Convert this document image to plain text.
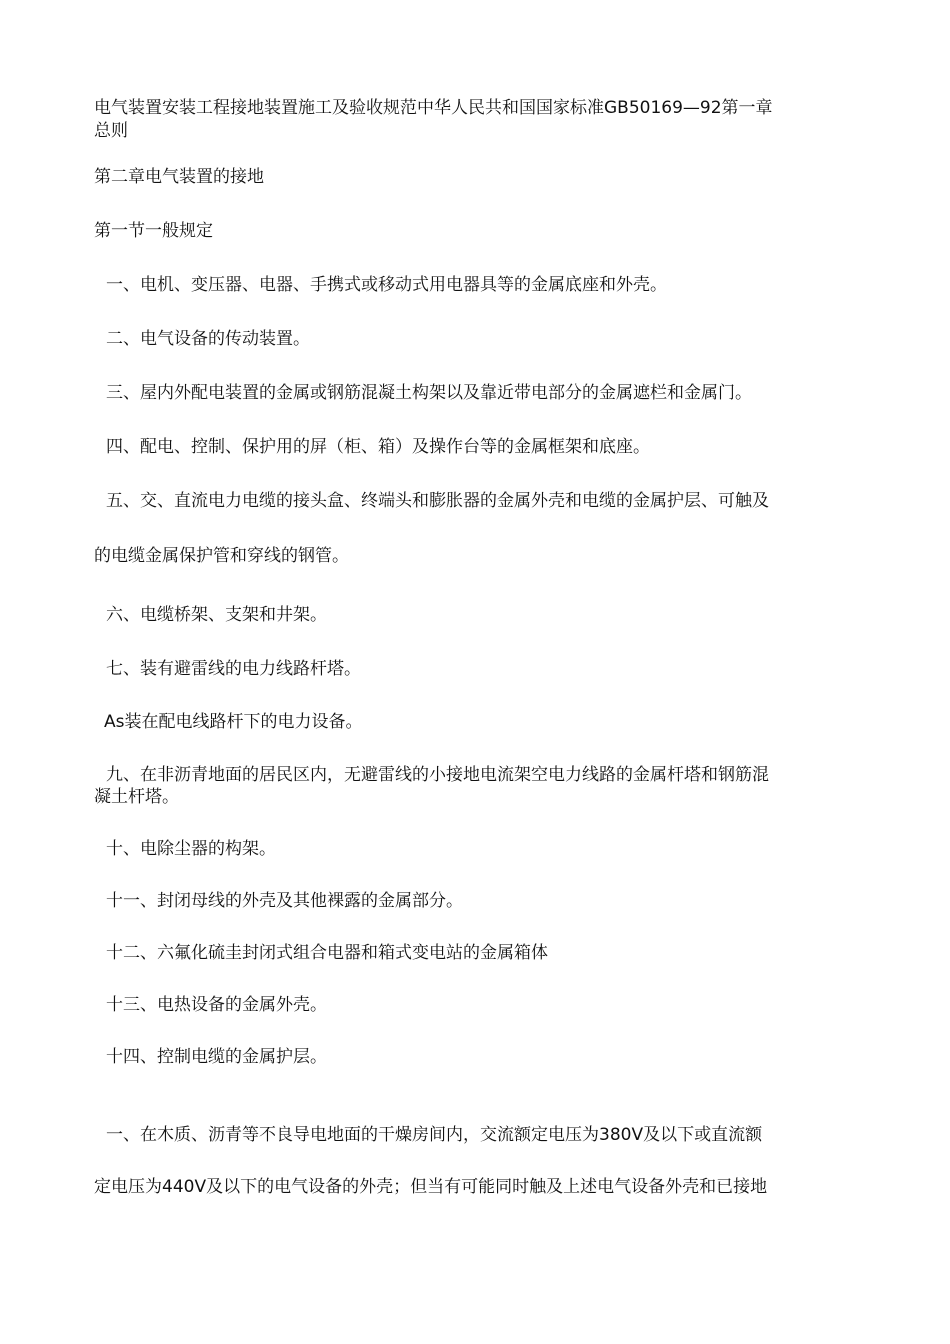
电气装置安装工程接地装置施工及验收规范中华人民共和国国家标准GB50169—92第一章
总则
第二章电气装置的接地
第一节一般规定
一、电机、变压器、电器、手携式或移动式用电器具等的金属底座和外壳。
二、电气设备的传动装置。
三、屋内外配电装置的金属或钢筋混凝土构架以及靠近带电部分的金属遮栏和金属门。
四、配电、控制、保护用的屏（柜、箱）及操作台等的金属框架和底座。
五、交、直流电力电缆的接头盒、终端头和膨胀器的金属外壳和电缆的金属护层、可触及
的电缆金属保护管和穿线的钢管。
六、电缆桥架、支架和井架。
七、装有避雷线的电力线路杆塔。
As装在配电线路杆下的电力设备。
九、在非沥青地面的居民区内，无避雷线的小接地电流架空电力线路的金属杆塔和钢筋混
凝土杆塔。
十、电除尘器的构架。
十一、封闭母线的外壳及其他裸露的金属部分。
十二、六氟化硫圭封闭式组合电器和箱式变电站的金属箱体
十三、电热设备的金属外壳。
十四、控制电缆的金属护层。
一、在木质、沥青等不良导电地面的干燥房间内，交流额定电压为380V及以下或直流额
定电压为440V及以下的电气设备的外壳；但当有可能同时触及上述电气设备外壳和已接地
